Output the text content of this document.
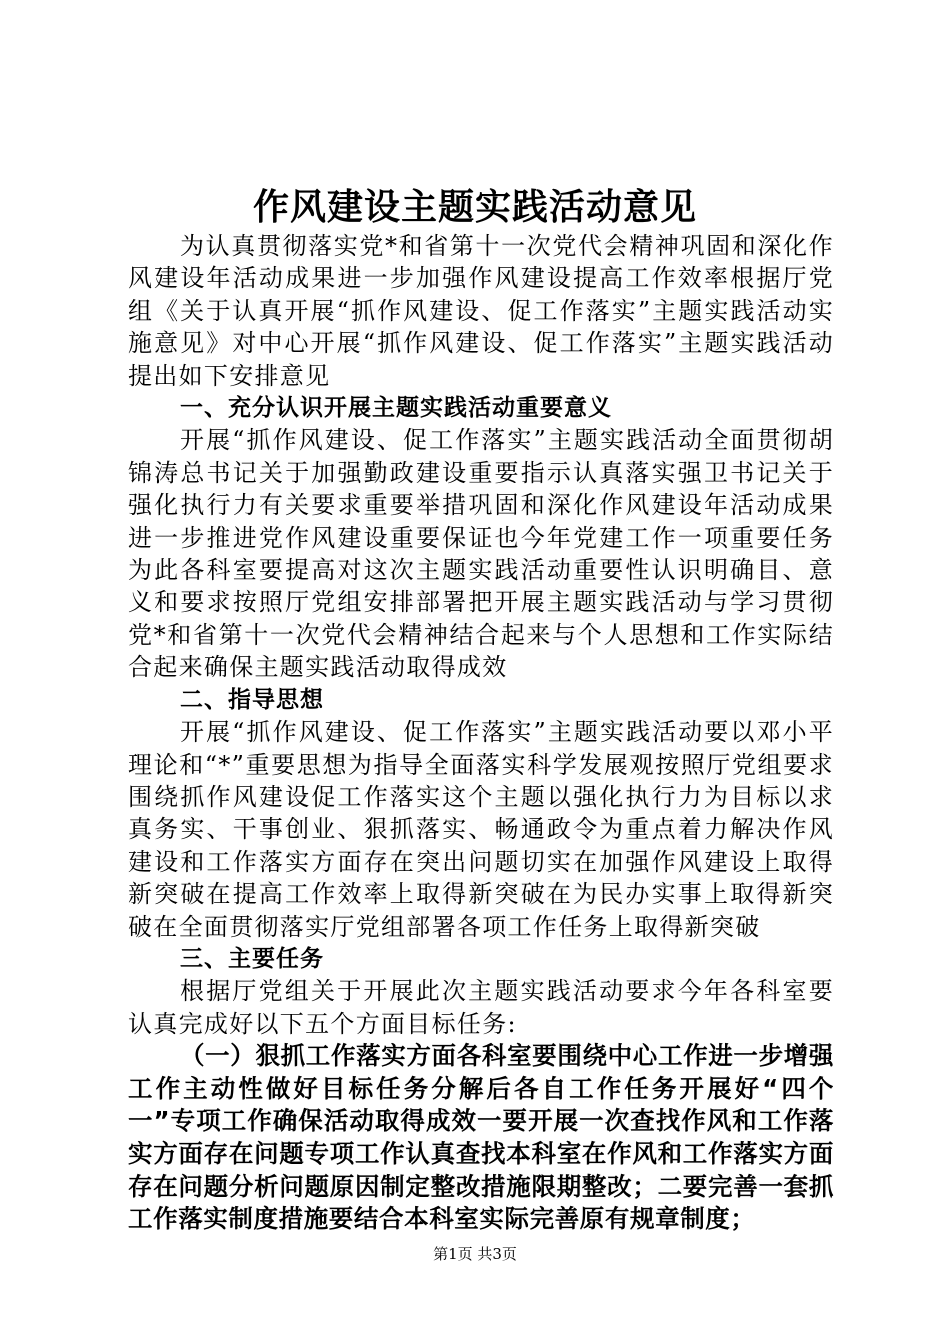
作风建设主题实践活动意见

为认真贯彻落实党*和省第十一次党代会精神巩固和深化作风建设年活动成果进一步加强作风建设提高工作效率根据厅党组《关于认真开展“抓作风建设、促工作落实”主题实践活动实施意见》对中心开展“抓作风建设、促工作落实”主题实践活动提出如下安排意见

一、充分认识开展主题实践活动重要意义

开展“抓作风建设、促工作落实”主题实践活动全面贯彻胡锦涛总书记关于加强勤政建设重要指示认真落实强卫书记关于强化执行力有关要求重要举措巩固和深化作风建设年活动成果进一步推进党作风建设重要保证也今年党建工作一项重要任务为此各科室要提高对这次主题实践活动重要性认识明确目、意义和要求按照厅党组安排部署把开展主题实践活动与学习贯彻党*和省第十一次党代会精神结合起来与个人思想和工作实际结合起来确保主题实践活动取得成效

二、指导思想

开展“抓作风建设、促工作落实”主题实践活动要以邓小平理论和“*”重要思想为指导全面落实科学发展观按照厅党组要求围绕抓作风建设促工作落实这个主题以强化执行力为目标以求真务实、干事创业、狠抓落实、畅通政令为重点着力解决作风建设和工作落实方面存在突出问题切实在加强作风建设上取得新突破在提高工作效率上取得新突破在为民办实事上取得新突破在全面贯彻落实厅党组部署各项工作任务上取得新突破

三、主要任务

根据厅党组关于开展此次主题实践活动要求今年各科室要认真完成好以下五个方面目标任务:

（一）狠抓工作落实方面各科室要围绕中心工作进一步增强工作主动性做好目标任务分解后各自工作任务开展好“四个一”专项工作确保活动取得成效一要开展一次查找作风和工作落实方面存在问题专项工作认真查找本科室在作风和工作落实方面存在问题分析问题原因制定整改措施限期整改；二要完善一套抓工作落实制度措施要结合本科室实际完善原有规章制度；

第1页 共3页
